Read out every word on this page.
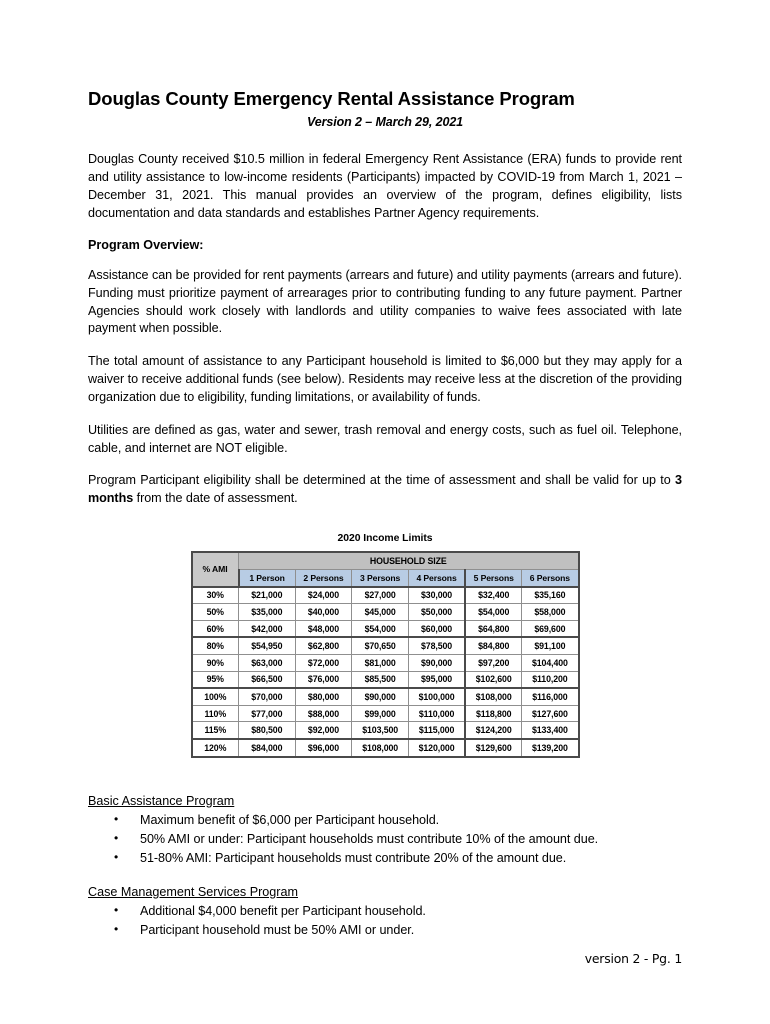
Douglas County Emergency Rental Assistance Program
Version 2 – March 29, 2021

Douglas County received $10.5 million in federal Emergency Rent Assistance (ERA) funds to provide rent and utility assistance to low-income residents (Participants) impacted by COVID-19 from March 1, 2021 – December 31, 2021. This manual provides an overview of the program, defines eligibility, lists documentation and data standards and establishes Partner Agency requirements.

Program Overview:

Assistance can be provided for rent payments (arrears and future) and utility payments (arrears and future). Funding must prioritize payment of arrearages prior to contributing funding to any future payment. Partner Agencies should work closely with landlords and utility companies to waive fees associated with late payment when possible.

The total amount of assistance to any Participant household is limited to $6,000 but they may apply for a waiver to receive additional funds (see below). Residents may receive less at the discretion of the providing organization due to eligibility, funding limitations, or availability of funds.

Utilities are defined as gas, water and sewer, trash removal and energy costs, such as fuel oil. Telephone, cable, and internet are NOT eligible.

Program Participant eligibility shall be determined at the time of assessment and shall be valid for up to 3 months from the date of assessment.

2020 Income Limits
% AMI	HOUSEHOLD SIZE					
	1 Person	2 Persons	3 Persons	4 Persons	5 Persons	6 Persons
30%	$21,000	$24,000	$27,000	$30,000	$32,400	$35,160
50%	$35,000	$40,000	$45,000	$50,000	$54,000	$58,000
60%	$42,000	$48,000	$54,000	$60,000	$64,800	$69,600
80%	$54,950	$62,800	$70,650	$78,500	$84,800	$91,100
90%	$63,000	$72,000	$81,000	$90,000	$97,200	$104,400
95%	$66,500	$76,000	$85,500	$95,000	$102,600	$110,200
100%	$70,000	$80,000	$90,000	$100,000	$108,000	$116,000
110%	$77,000	$88,000	$99,000	$110,000	$118,800	$127,600
115%	$80,500	$92,000	$103,500	$115,000	$124,200	$133,400
120%	$84,000	$96,000	$108,000	$120,000	$129,600	$139,200
Basic Assistance Program
• Maximum benefit of $6,000 per Participant household.
• 50% AMI or under: Participant households must contribute 10% of the amount due.
• 51-80% AMI: Participant households must contribute 20% of the amount due.
Case Management Services Program
• Additional $4,000 benefit per Participant household.
• Participant household must be 50% AMI or under.
version 2 - Pg. 1
